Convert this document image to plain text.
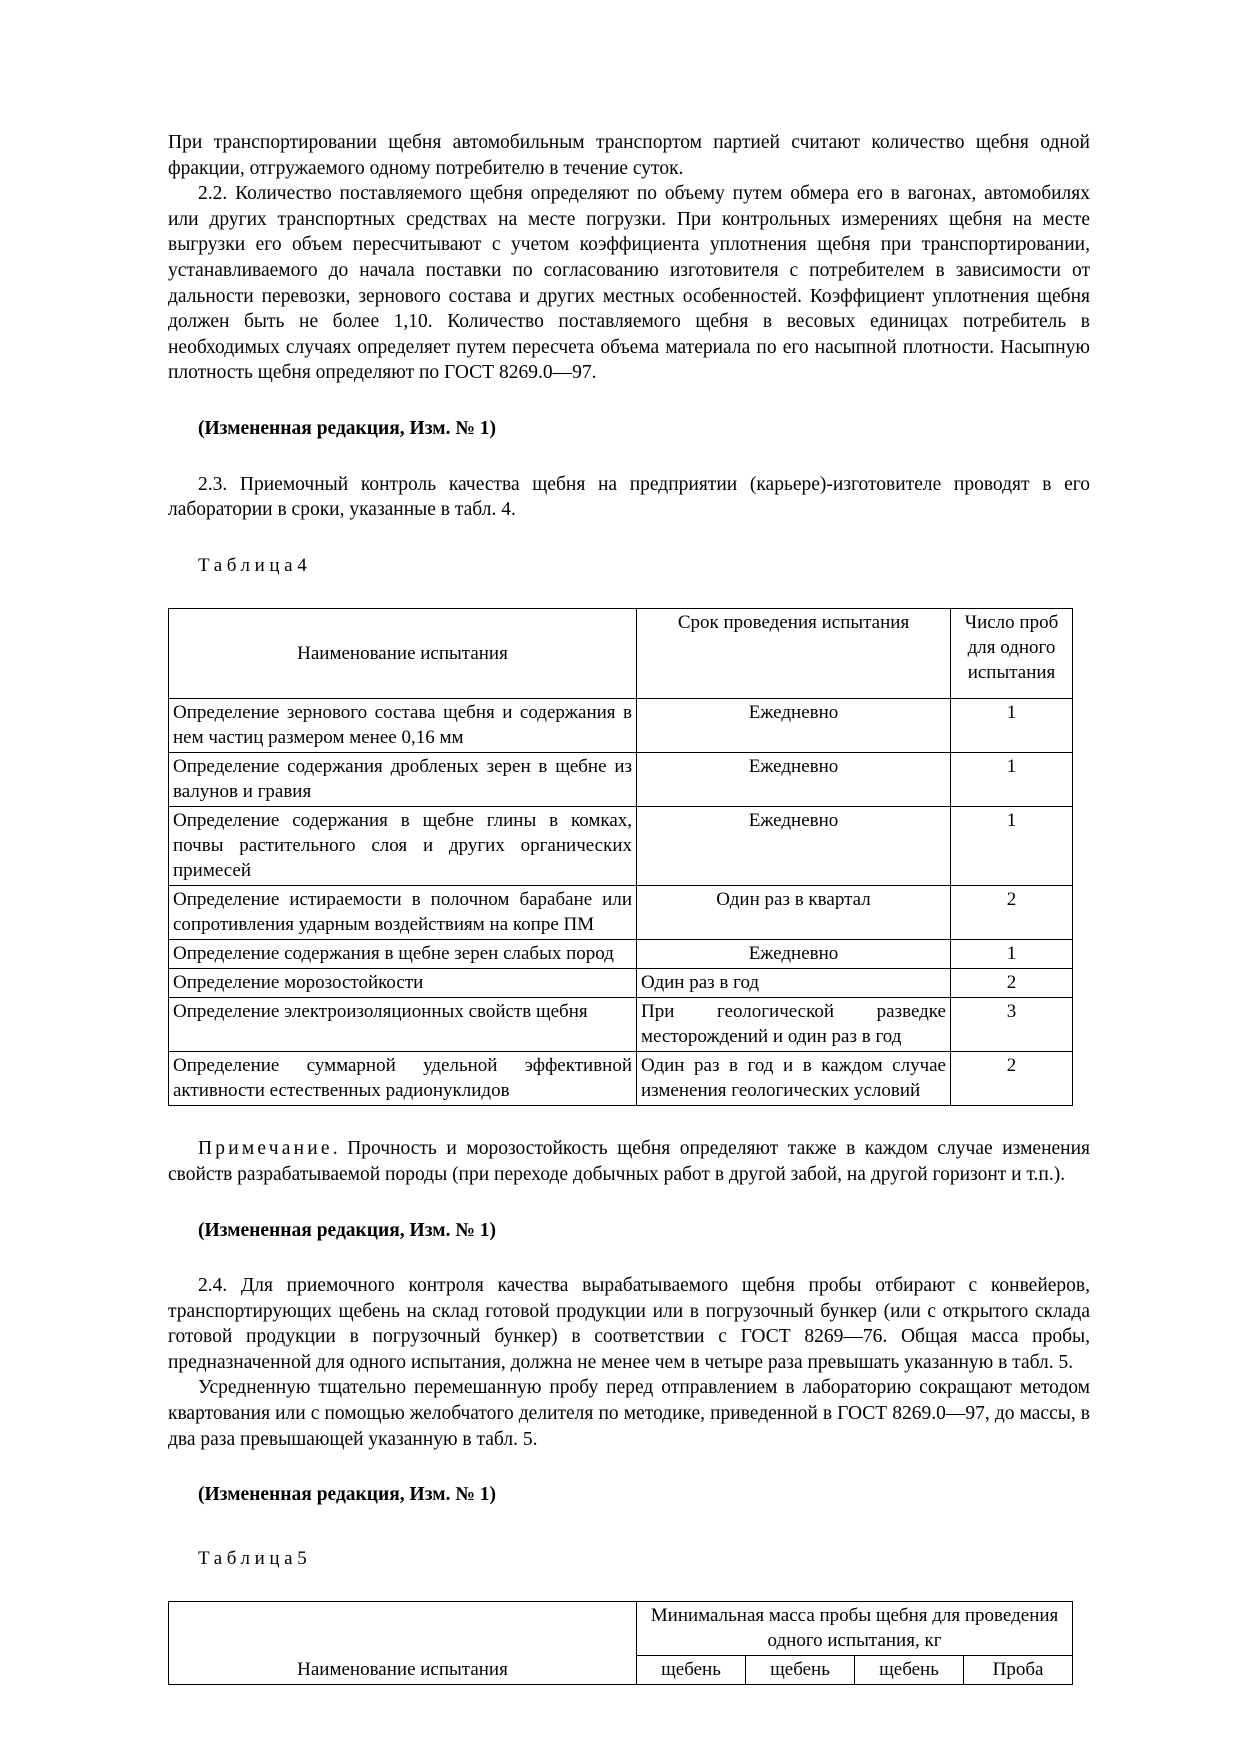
При транспортировании щебня автомобильным транспортом партией считают количество щебня одной фракции, отгружаемого одному потребителю в течение суток.

2.2. Количество поставляемого щебня определяют по объему путем обмера его в вагонах, автомобилях или других транспортных средствах на месте погрузки. При контрольных измерениях щебня на месте выгрузки его объем пересчитывают с учетом коэффициента уплотнения щебня при транспортировании, устанавливаемого до начала поставки по согласованию изготовителя с потребителем в зависимости от дальности перевозки, зернового состава и других местных особенностей. Коэффициент уплотнения щебня должен быть не более 1,10. Количество поставляемого щебня в весовых единицах потребитель в необходимых случаях определяет путем пересчета объема материала по его насыпной плотности. Насыпную плотность щебня определяют по ГОСТ 8269.0—97.

(Измененная редакция, Изм. № 1)

2.3. Приемочный контроль качества щебня на предприятии (карьере)-изготовителе проводят в его лаборатории в сроки, указанные в табл. 4.

Таблица4

Наименование испытания	Срок проведения испытания	Число проб для одного испытания
Определение зернового состава щебня и содержания в нем частиц размером менее 0,16 мм	Ежедневно	1
Определение содержания дробленых зерен в щебне из валунов и гравия	Ежедневно	1
Определение содержания в щебне глины в комках, почвы растительного слоя и других органических примесей	Ежедневно	1
Определение истираемости в полочном барабане или сопротивления ударным воздействиям на копре ПМ	Один раз в квартал	2
Определение содержания в щебне зерен слабых пород	Ежедневно	1
Определение морозостойкости	Один раз в год	2
Определение электроизоляционных свойств щебня	При геологической разведке месторождений и один раз в год	3
Определение суммарной удельной эффективной активности естественных радионуклидов	Один раз в год и в каждом случае изменения геологических условий	2

Примечание. Прочность и морозостойкость щебня определяют также в каждом случае изменения свойств разрабатываемой породы (при переходе добычных работ в другой забой, на другой горизонт и т.п.).

(Измененная редакция, Изм. № 1)

2.4. Для приемочного контроля качества вырабатываемого щебня пробы отбирают с конвейеров, транспортирующих щебень на склад готовой продукции или в погрузочный бункер (или с открытого склада готовой продукции в погрузочный бункер) в соответствии с ГОСТ 8269—76. Общая масса пробы, предназначенной для одного испытания, должна не менее чем в четыре раза превышать указанную в табл. 5.

Усредненную тщательно перемешанную пробу перед отправлением в лабораторию сокращают методом квартования или с помощью желобчатого делителя по методике, приведенной в ГОСТ 8269.0—97, до массы, в два раза превышающей указанную в табл. 5.

(Измененная редакция, Изм. № 1)

Таблица5

Наименование испытания	Минимальная масса пробы щебня для проведения одного испытания, кг			
	щебень	щебень	щебень	Проба
